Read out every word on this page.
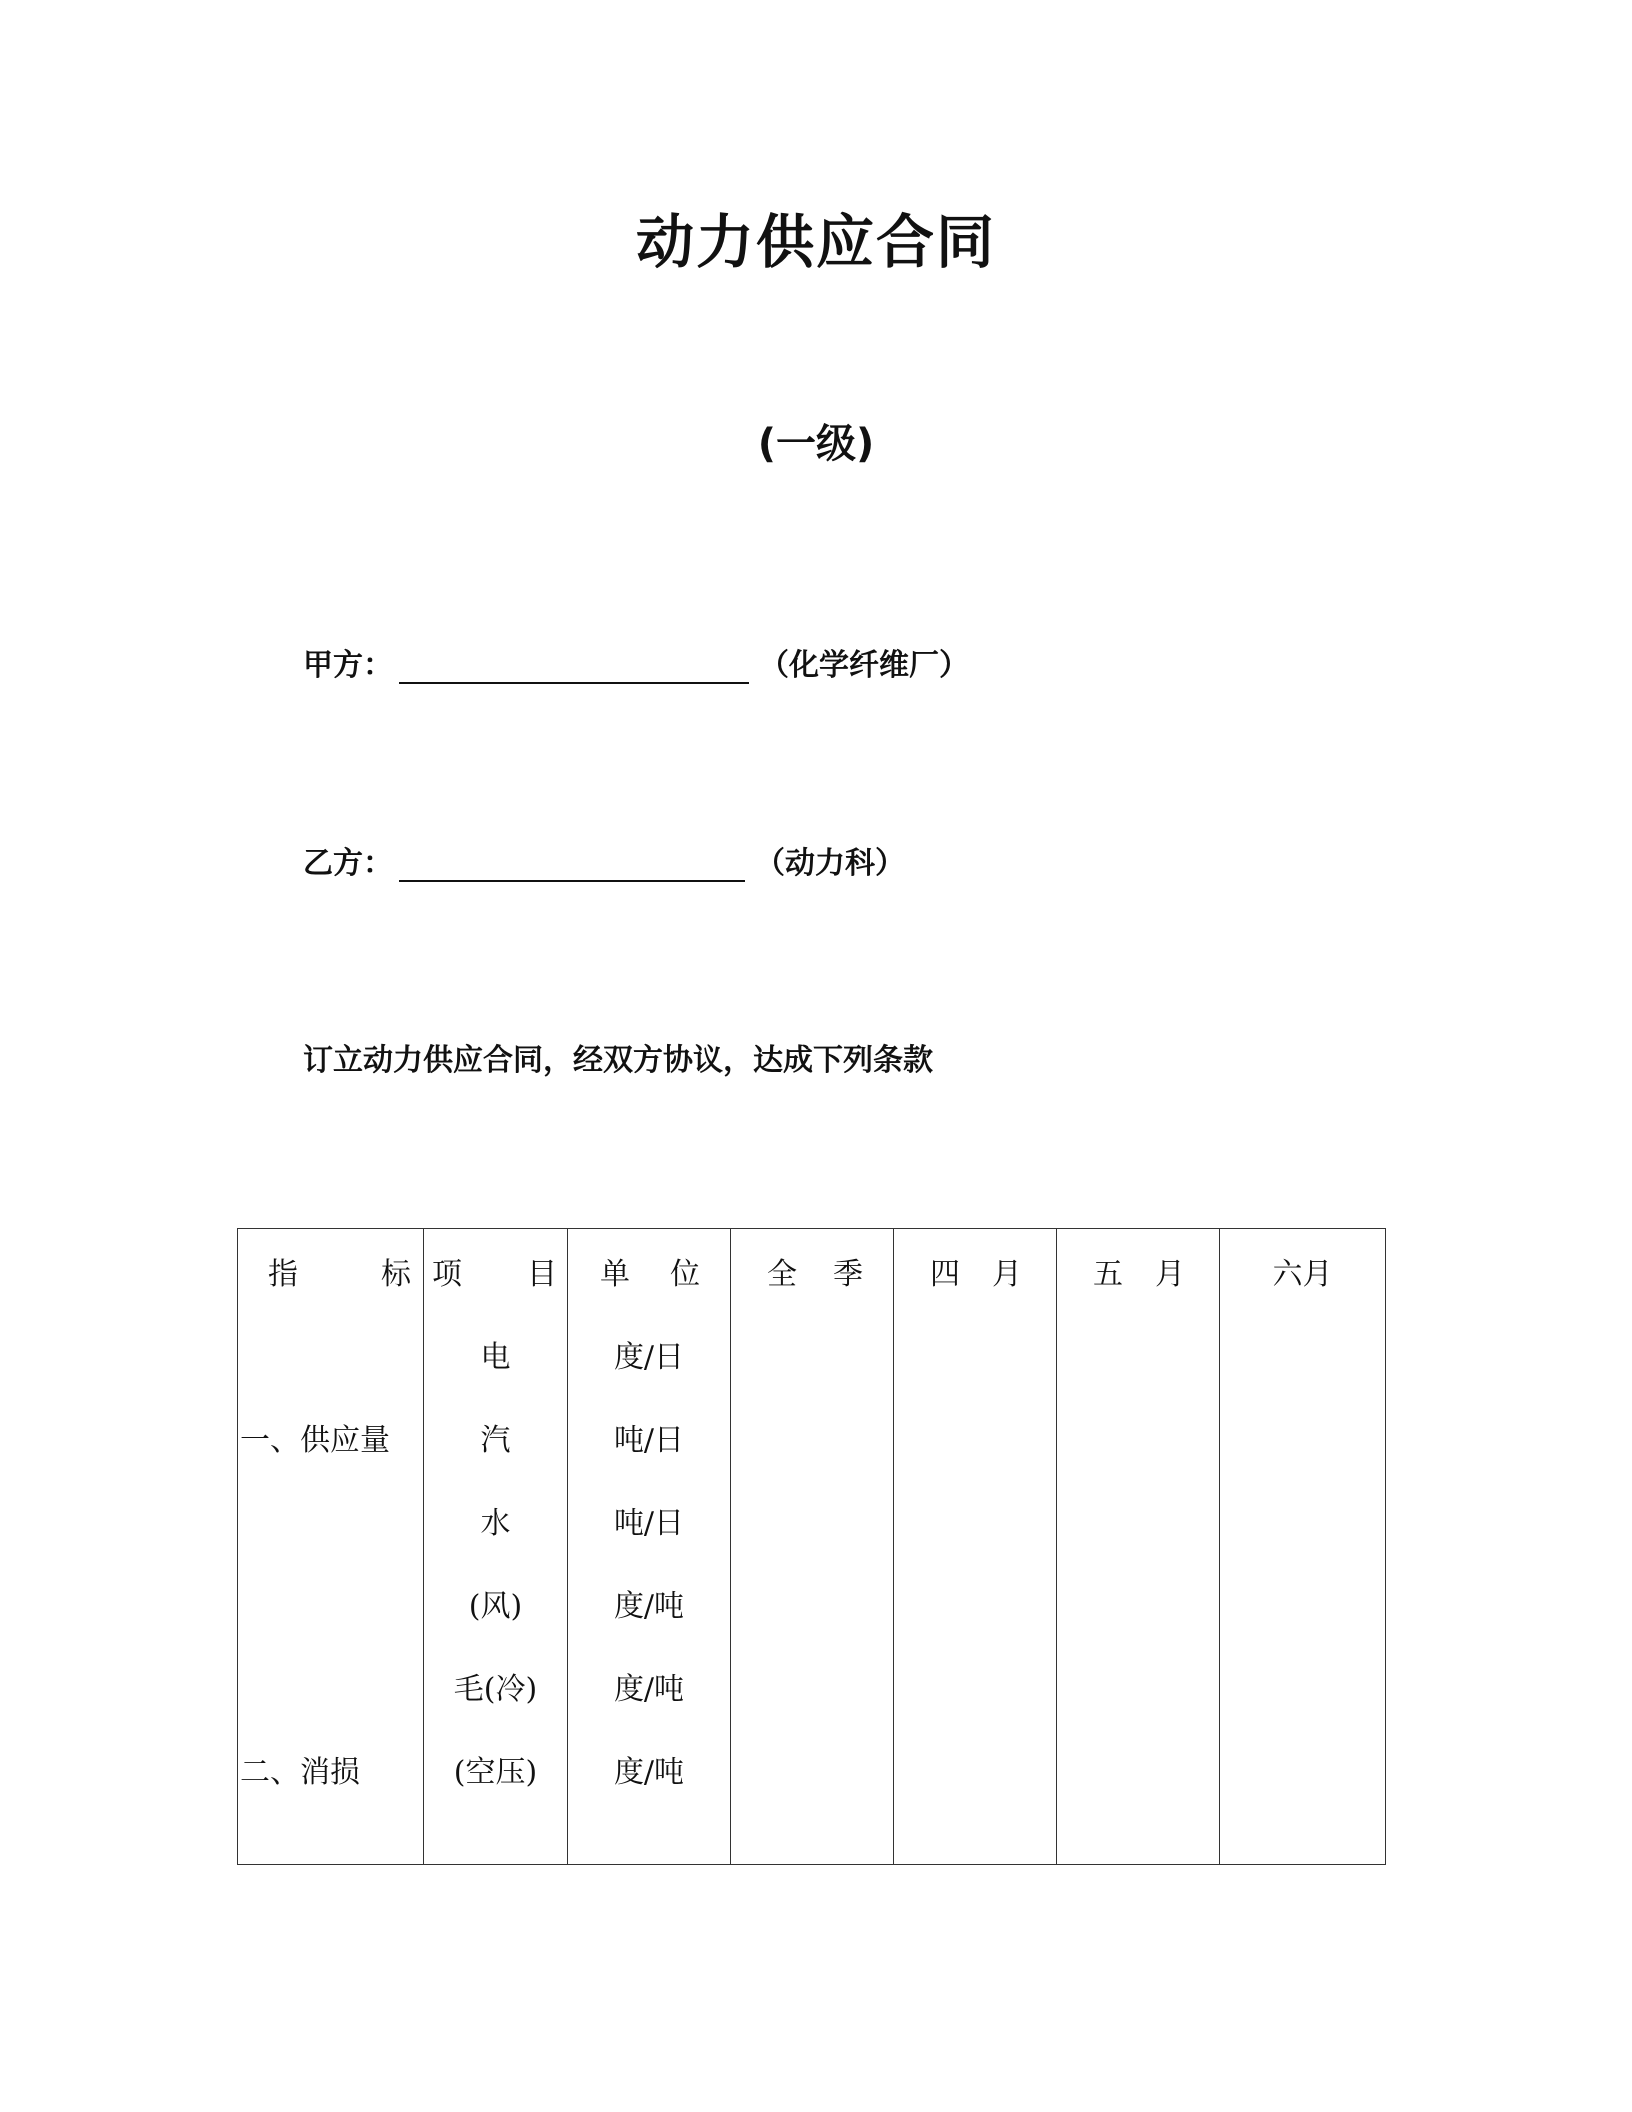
动力供应合同
(一级)
甲方：	（化学纤维厂）
乙方：	（动力科）
订立动力供应合同，经双方协议，达成下列条款
指 标	项 目	单 位	全 季	四 月	五 月	六月
	电	度/日				
一、供应量	汽	吨/日				
	水	吨/日				
	(风)	度/吨				
	毛(冷)	度/吨				
二、消损	(空压)	度/吨				
